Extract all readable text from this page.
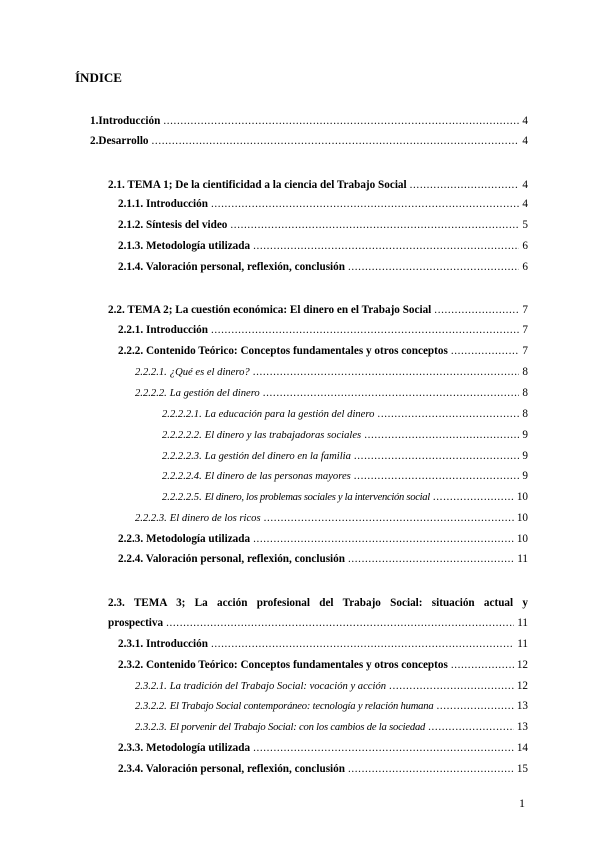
ÍNDICE
1. Introducción .....	4
2. Desarrollo .....	4
2.1. TEMA 1; De la cientificidad a la ciencia del Trabajo Social .....	4
2.1.1. Introducción .....	4
2.1.2. Síntesis del video .....	5
2.1.3. Metodología utilizada .....	6
2.1.4. Valoración personal, reflexión, conclusión .....	6
2.2. TEMA 2; La cuestión económica: El dinero en el Trabajo Social .....	7
2.2.1. Introducción .....	7
2.2.2. Contenido Teórico: Conceptos fundamentales y otros conceptos .....	7
2.2.2.1. ¿Qué es el dinero? .....	8
2.2.2.2. La gestión del dinero .....	8
2.2.2.2.1. La educación para la gestión del dinero .....	8
2.2.2.2.2. El dinero y las trabajadoras sociales .....	9
2.2.2.2.3. La gestión del dinero en la familia .....	9
2.2.2.2.4. El dinero de las personas mayores .....	9
2.2.2.2.5. El dinero, los problemas sociales y la intervención social .....	10
2.2.2.3. El dinero de los ricos .....	10
2.2.3. Metodología utilizada .....	10
2.2.4. Valoración personal, reflexión, conclusión .....	11
2.3. TEMA 3; La acción profesional del Trabajo Social: situación actual y
prospectiva .....	11
2.3.1. Introducción .....	11
2.3.2. Contenido Teórico: Conceptos fundamentales y otros conceptos .....	12
2.3.2.1. La tradición del Trabajo Social: vocación y acción .....	12
2.3.2.2. El Trabajo Social contemporáneo: tecnología y relación humana .....	13
2.3.2.3. El porvenir del Trabajo Social: con los cambios de la sociedad .....	13
2.3.3. Metodología utilizada .....	14
2.3.4. Valoración personal, reflexión, conclusión .....	15
1
